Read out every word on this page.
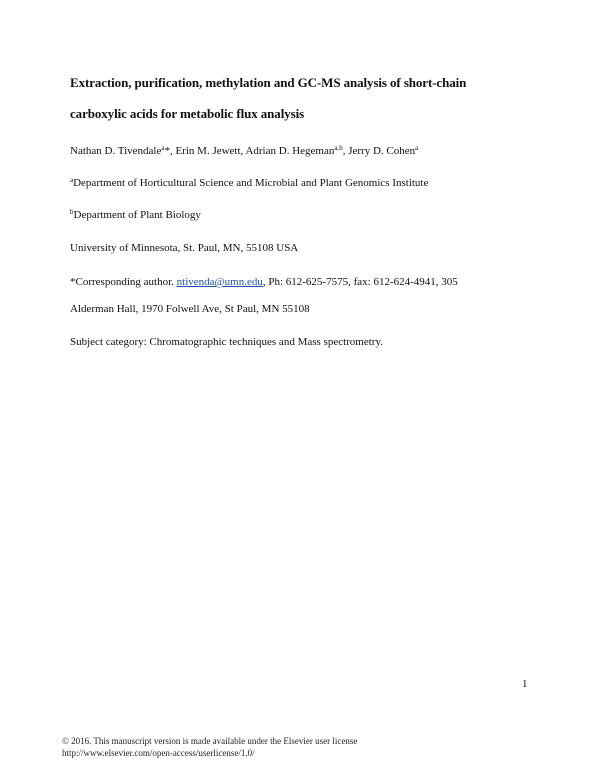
Extraction, purification, methylation and GC-MS analysis of short-chain
carboxylic acids for metabolic flux analysis
Nathan D. Tivendale$^a$*, Erin M. Jewett, Adrian D. Hegeman$^{a,b}$, Jerry D. Cohen$^a$
$^a$Department of Horticultural Science and Microbial and Plant Genomics Institute
$^b$Department of Plant Biology
University of Minnesota, St. Paul, MN, 55108 USA
*Corresponding author. ntivenda@umn.edu, Ph: 612-625-7575, fax: 612-624-4941, 305
Alderman Hall, 1970 Folwell Ave, St Paul, MN 55108
Subject category: Chromatographic techniques and Mass spectrometry.
1
© 2016. This manuscript version is made available under the Elsevier user license
http://www.elsevier.com/open-access/userlicense/1.0/
